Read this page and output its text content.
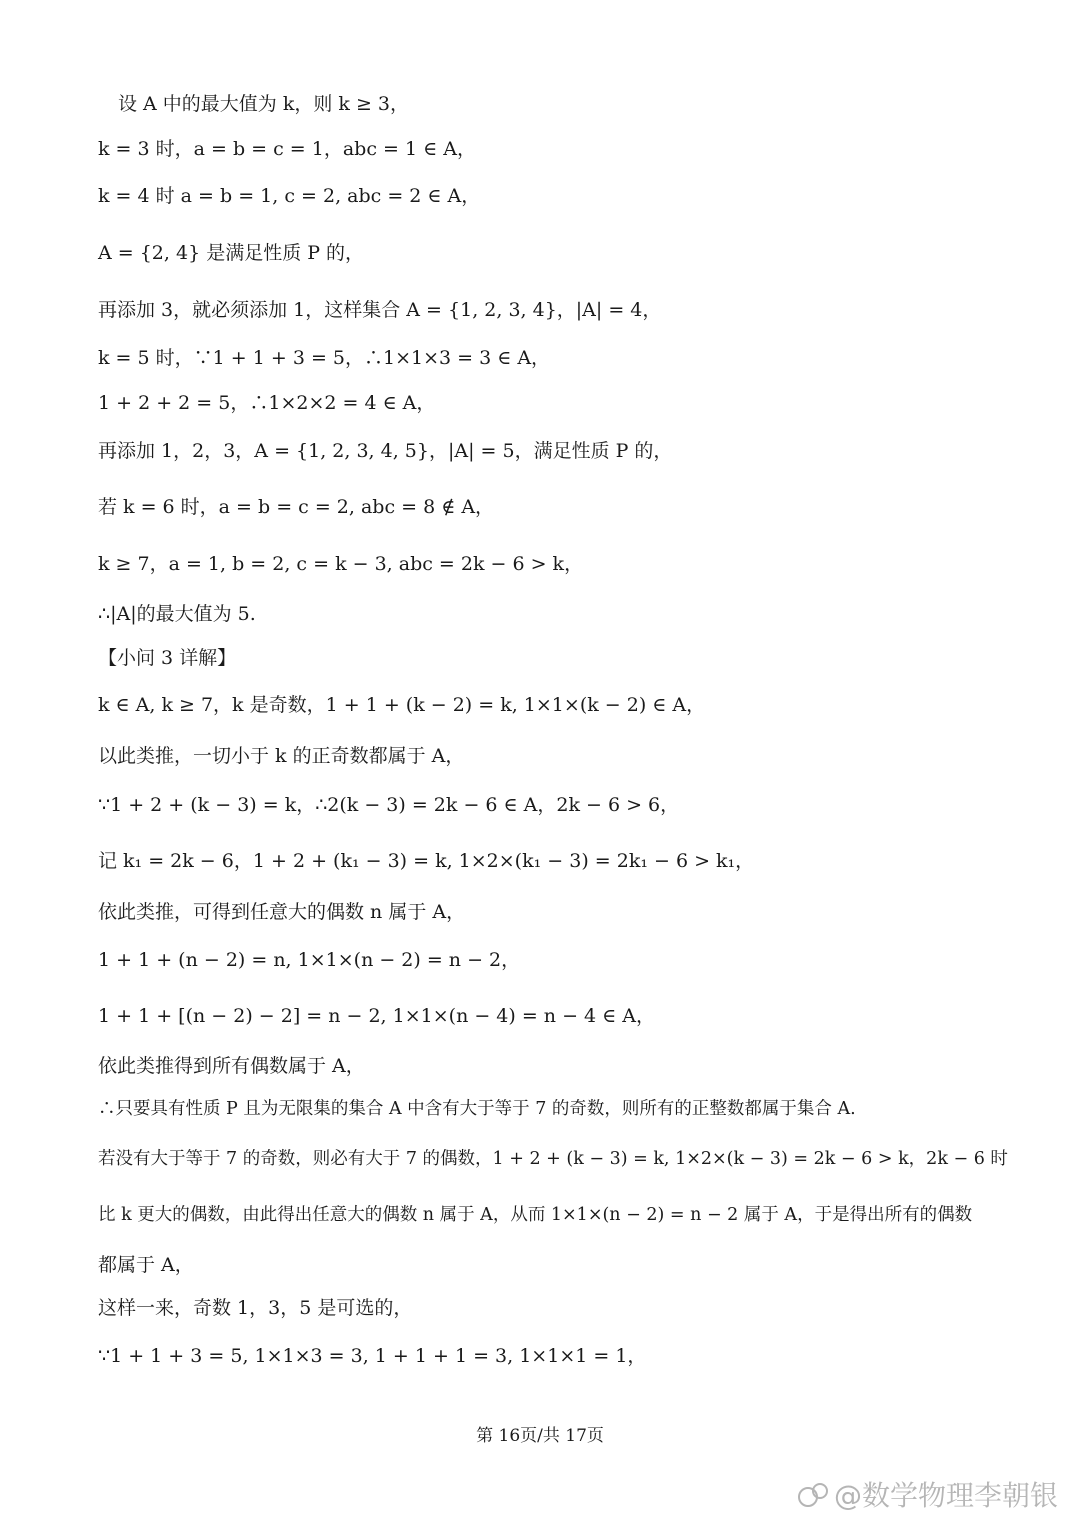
设 A 中的最大值为 k，则 k ≥ 3，
k = 3 时，a = b = c = 1，abc = 1 ∈ A，
k = 4 时 a = b = 1, c = 2, abc = 2 ∈ A，
A = {2, 4} 是满足性质 P 的，
再添加 3，就必须添加 1，这样集合 A = {1, 2, 3, 4}，|A| = 4，
k = 5 时，∵1 + 1 + 3 = 5，∴1×1×3 = 3 ∈ A，
1 + 2 + 2 = 5，∴1×2×2 = 4 ∈ A，
再添加 1，2，3，A = {1, 2, 3, 4, 5}，|A| = 5，满足性质 P 的，
若 k = 6 时，a = b = c = 2, abc = 8 ∉ A，
k ≥ 7，a = 1, b = 2, c = k − 3, abc = 2k − 6 > k，
∴|A|的最大值为 5.
【小问 3 详解】
k ∈ A, k ≥ 7，k 是奇数，1 + 1 + (k − 2) = k, 1×1×(k − 2) ∈ A，
以此类推，一切小于 k 的正奇数都属于 A，
∵1 + 2 + (k − 3) = k，∴2(k − 3) = 2k − 6 ∈ A，2k − 6 > 6，
记 k₁ = 2k − 6，1 + 2 + (k₁ − 3) = k, 1×2×(k₁ − 3) = 2k₁ − 6 > k₁，
依此类推，可得到任意大的偶数 n 属于 A，
1 + 1 + (n − 2) = n, 1×1×(n − 2) = n − 2，
1 + 1 + [(n − 2) − 2] = n − 2, 1×1×(n − 4) = n − 4 ∈ A，
依此类推得到所有偶数属于 A，
∴只要具有性质 P 且为无限集的集合 A 中含有大于等于 7 的奇数，则所有的正整数都属于集合 A.
若没有大于等于 7 的奇数，则必有大于 7 的偶数，1 + 2 + (k − 3) = k, 1×2×(k − 3) = 2k − 6 > k，2k − 6 时
比 k 更大的偶数，由此得出任意大的偶数 n 属于 A，从而 1×1×(n − 2) = n − 2 属于 A，于是得出所有的偶数
都属于 A，
这样一来，奇数 1，3，5 是可选的，
∵1 + 1 + 3 = 5, 1×1×3 = 3, 1 + 1 + 1 = 3, 1×1×1 = 1，
第 16页/共 17页
@数学物理李朝银
